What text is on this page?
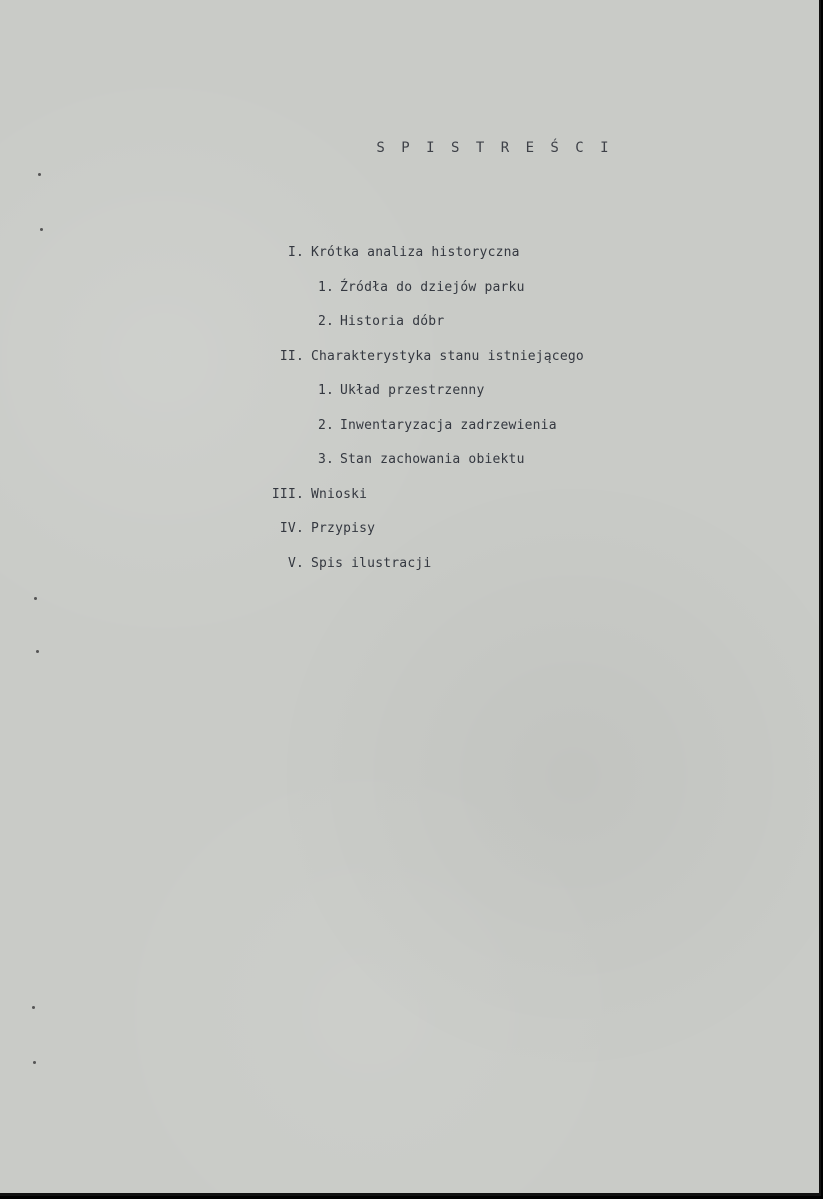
S P I S T R E Ś C I
I. Krótka analiza historyczna
1. Źródła do dziejów parku
2. Historia dóbr
II. Charakterystyka stanu istniejącego
1. Układ przestrzenny
2. Inwentaryzacja zadrzewienia
3. Stan zachowania obiektu
III. Wnioski
IV. Przypisy
V. Spis ilustracji
